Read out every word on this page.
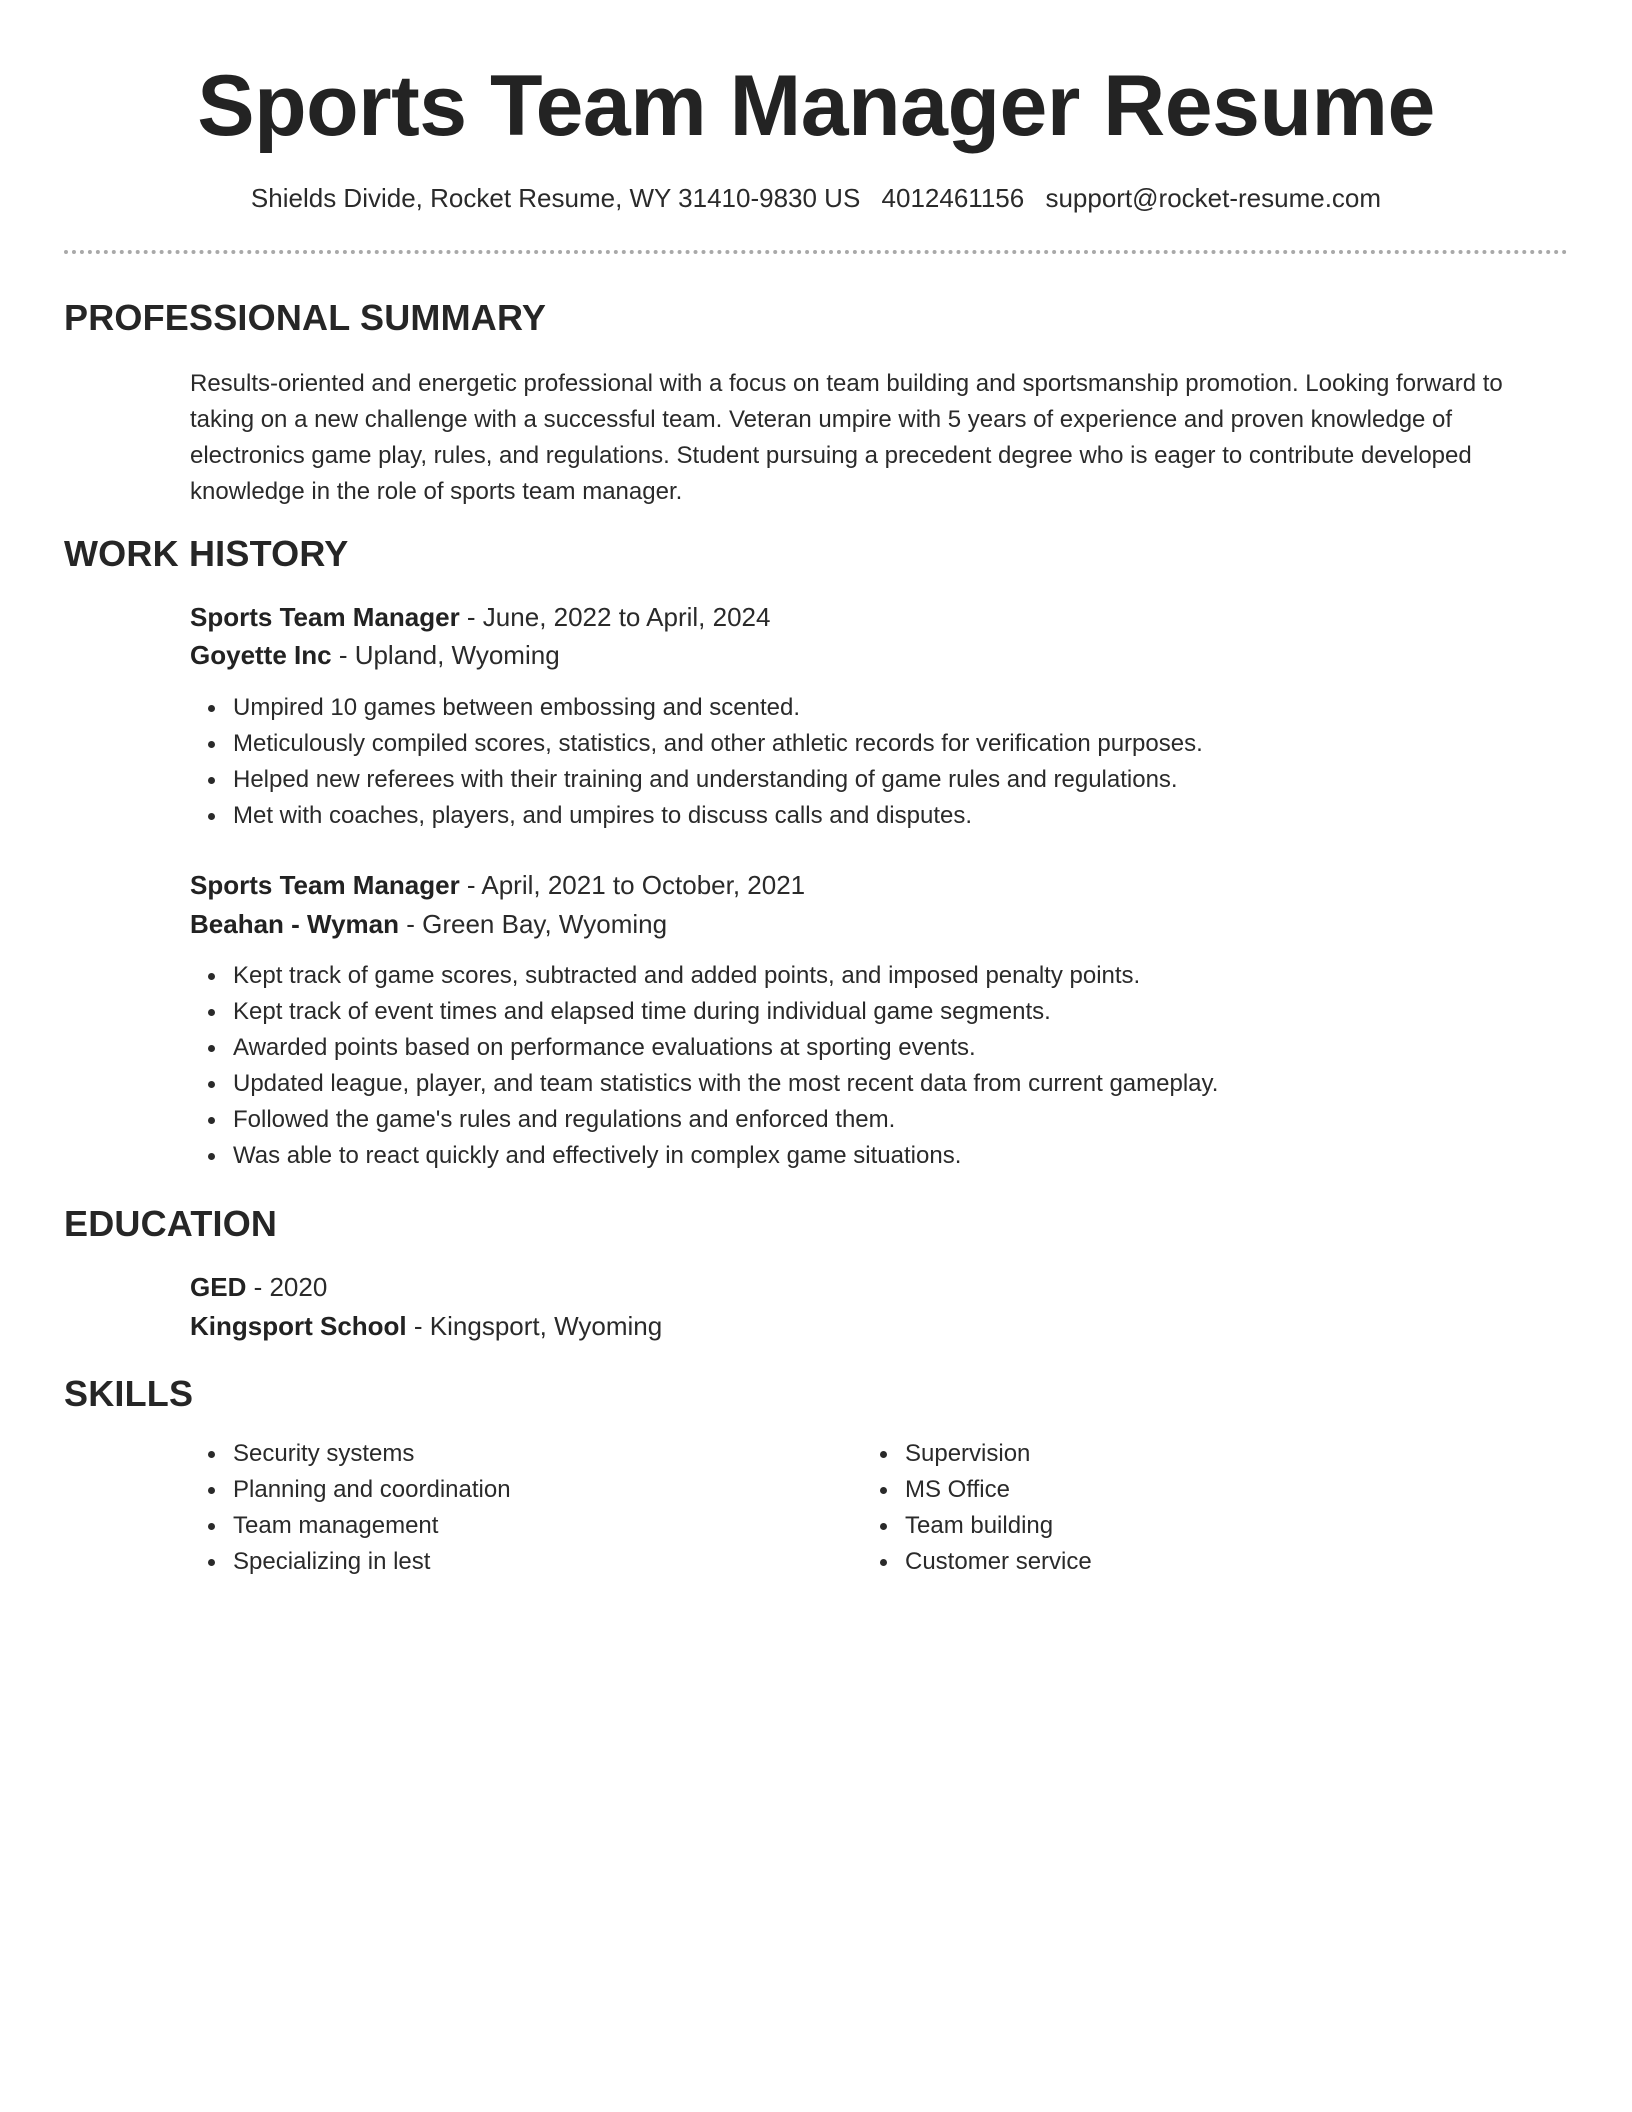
Sports Team Manager Resume
Shields Divide, Rocket Resume, WY 31410-9830 US 4012461156 support@rocket-resume.com
PROFESSIONAL SUMMARY

Results-oriented and energetic professional with a focus on team building and sportsmanship promotion. Looking forward to taking on a new challenge with a successful team. Veteran umpire with 5 years of experience and proven knowledge of electronics game play, rules, and regulations. Student pursuing a precedent degree who is eager to contribute developed knowledge in the role of sports team manager.

WORK HISTORY
Sports Team Manager - June, 2022 to April, 2024
Goyette Inc - Upland, Wyoming
Umpired 10 games between embossing and scented.
Meticulously compiled scores, statistics, and other athletic records for verification purposes.
Helped new referees with their training and understanding of game rules and regulations.
Met with coaches, players, and umpires to discuss calls and disputes.
Sports Team Manager - April, 2021 to October, 2021
Beahan - Wyman - Green Bay, Wyoming
Kept track of game scores, subtracted and added points, and imposed penalty points.
Kept track of event times and elapsed time during individual game segments.
Awarded points based on performance evaluations at sporting events.
Updated league, player, and team statistics with the most recent data from current gameplay.
Followed the game's rules and regulations and enforced them.
Was able to react quickly and effectively in complex game situations.
EDUCATION
GED - 2020
Kingsport School - Kingsport, Wyoming
SKILLS
Security systems
Planning and coordination
Team management
Specializing in lest
Supervision
MS Office
Team building
Customer service
